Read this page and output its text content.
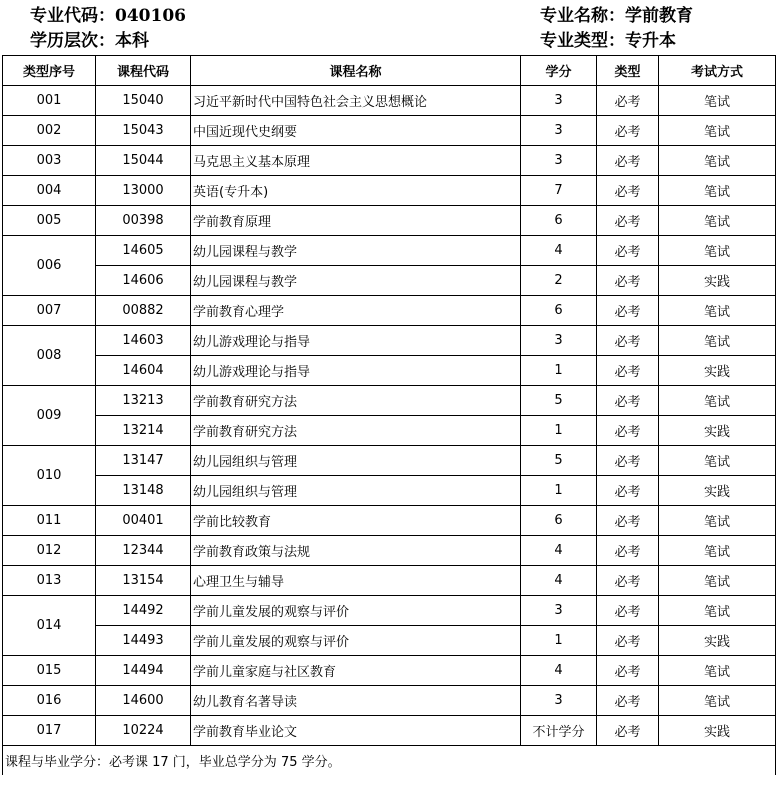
专业代码：040106	专业名称：学前教育
学历层次：本科	专业类型：专升本
类型序号	课程代码	课程名称	学分	类型	考试方式
001	15040	习近平新时代中国特色社会主义思想概论	3	必考	笔试
002	15043	中国近现代史纲要	3	必考	笔试
003	15044	马克思主义基本原理	3	必考	笔试
004	13000	英语(专升本)	7	必考	笔试
005	00398	学前教育原理	6	必考	笔试
006	14605	幼儿园课程与教学	4	必考	笔试
	14606	幼儿园课程与教学	2	必考	实践
007	00882	学前教育心理学	6	必考	笔试
008	14603	幼儿游戏理论与指导	3	必考	笔试
	14604	幼儿游戏理论与指导	1	必考	实践
009	13213	学前教育研究方法	5	必考	笔试
	13214	学前教育研究方法	1	必考	实践
010	13147	幼儿园组织与管理	5	必考	笔试
	13148	幼儿园组织与管理	1	必考	实践
011	00401	学前比较教育	6	必考	笔试
012	12344	学前教育政策与法规	4	必考	笔试
013	13154	心理卫生与辅导	4	必考	笔试
014	14492	学前儿童发展的观察与评价	3	必考	笔试
	14493	学前儿童发展的观察与评价	1	必考	实践
015	14494	学前儿童家庭与社区教育	4	必考	笔试
016	14600	幼儿教育名著导读	3	必考	笔试
017	10224	学前教育毕业论文	不计学分	必考	实践
课程与毕业学分：必考课 17 门，毕业总学分为 75 学分。					
